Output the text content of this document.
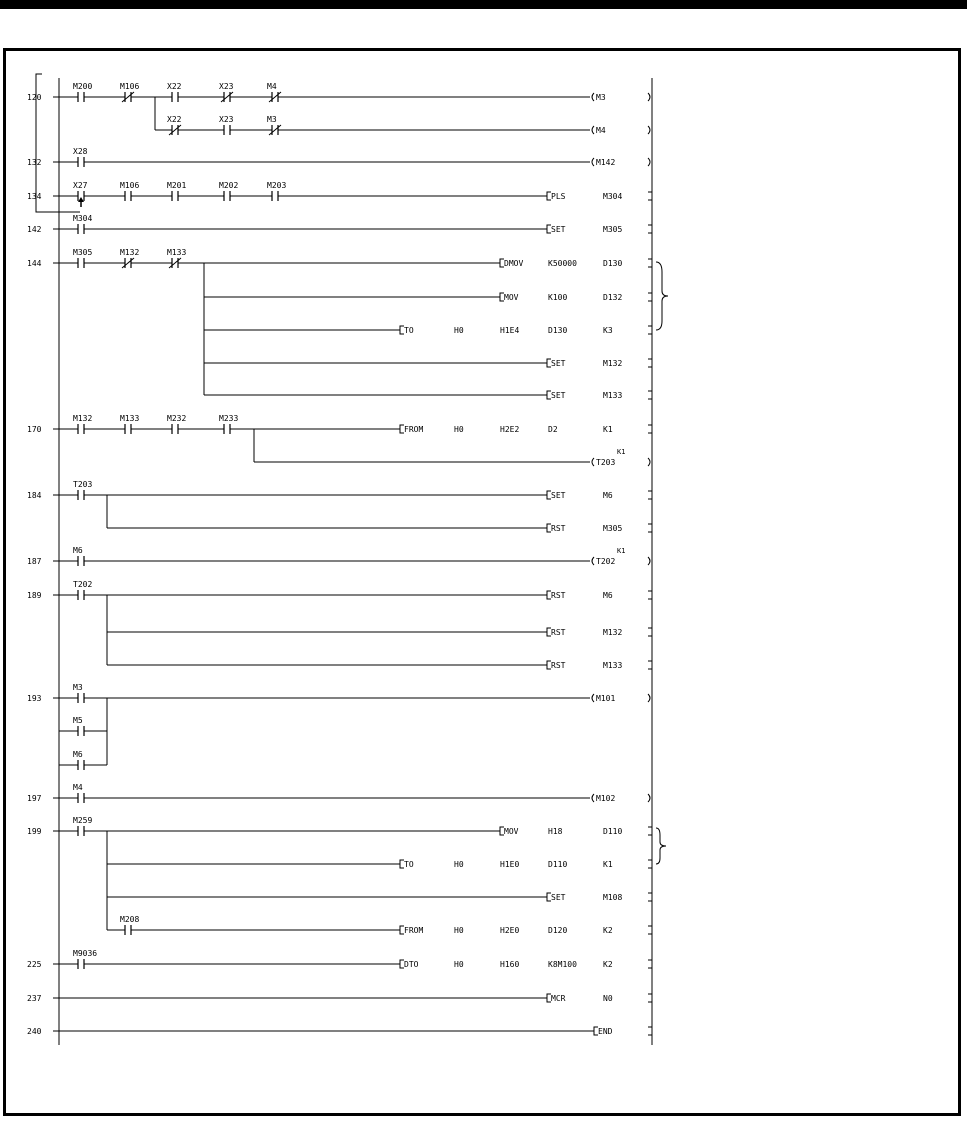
120
M200	M106	X22	X23	M4
M3
X22	X23	M3
M4
132
X28
M142
134
X27	M106	M201	M202	M203
PLS	M304
142
M304
SET	M305
144
M305	M132	M133
DMOV	K50000	D130
MOV	K100	D132
TO	H0	H1E4	D130	K3
SET	M132
SET	M133
170
M132	M133	M232	M233
FROM	H0	H2E2	D2	K1
T203
K1
184
T203
SET	M6
RST	M305
187
M6
T202
K1
189
T202
RST	M6
RST	M132
RST	M133
193
M3
M101
M5
M6
197
M4
M102
199
M259
MOV	H18	D110
TO	H0	H1E0	D110	K1
SET	M108
M208
FROM	H0	H2E0	D120	K2
225
M9036
DTO	H0	H160	K8M100	K2
237	MCR	N0
240	END
